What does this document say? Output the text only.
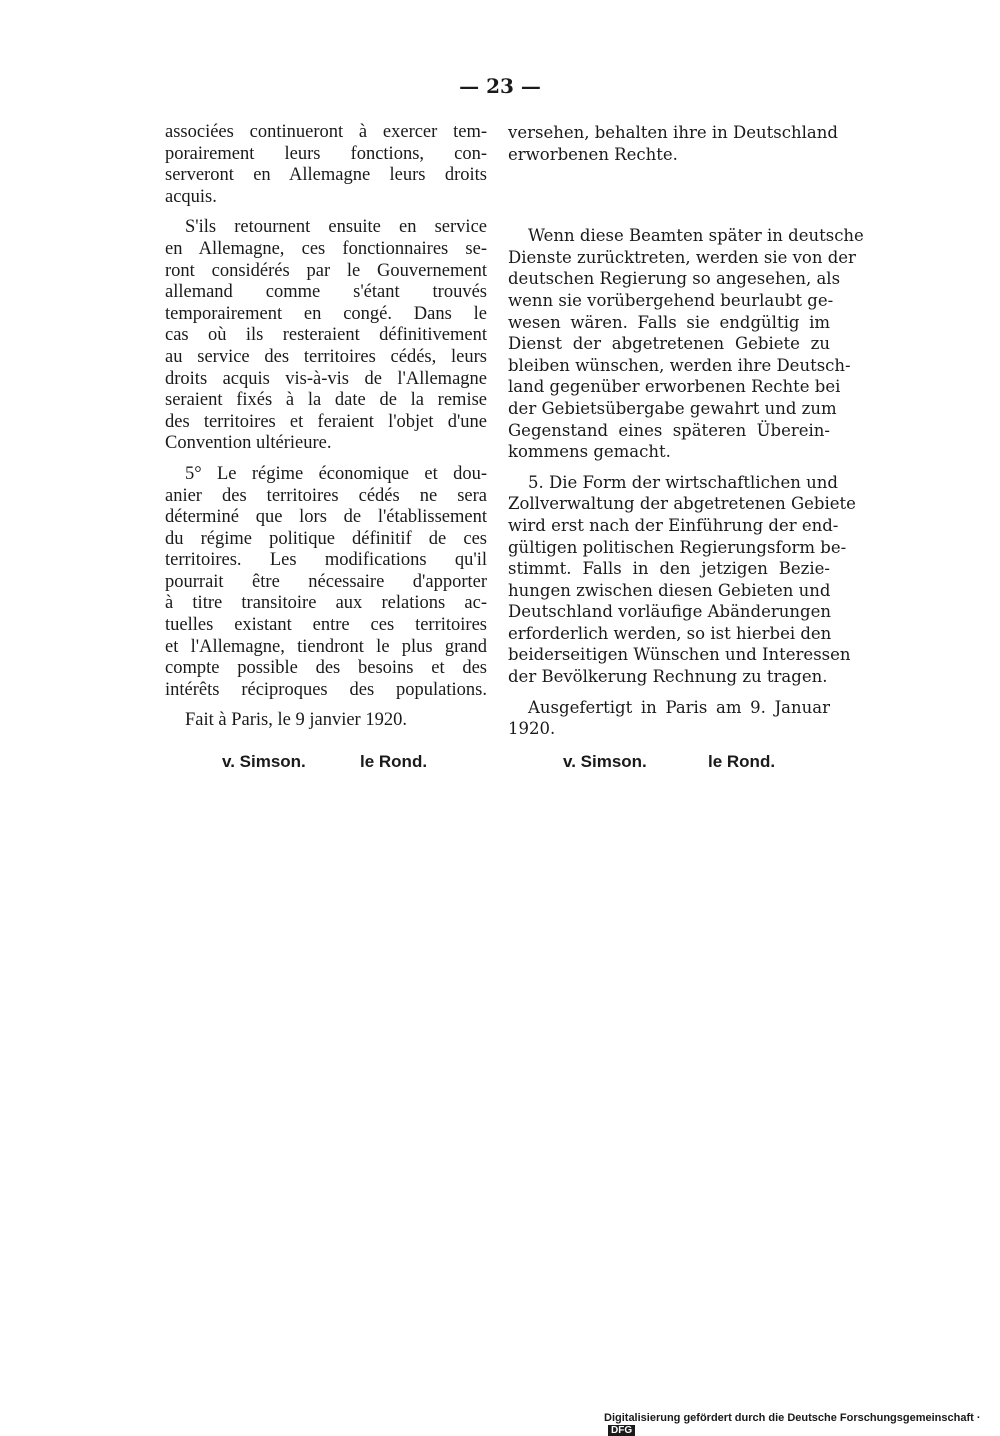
— 23 —
associées continueront à exercer tem-
porairement leurs fonctions, con-
serveront en Allemagne leurs droits
acquis.
S'ils retournent ensuite en service
en Allemagne, ces fonctionnaires se-
ront considérés par le Gouvernement
allemand comme s'étant trouvés
temporairement en congé. Dans le
cas où ils resteraient définitivement
au service des territoires cédés, leurs
droits acquis vis-à-vis de l'Allemagne
seraient fixés à la date de la remise
des territoires et feraient l'objet d'une
Convention ultérieure.
5° Le régime économique et dou-
anier des territoires cédés ne sera
déterminé que lors de l'établissement
du régime politique définitif de ces
territoires. Les modifications qu'il
pourrait être nécessaire d'apporter
à titre transitoire aux relations ac-
tuelles existant entre ces territoires
et l'Allemagne, tiendront le plus grand
compte possible des besoins et des
intérêts réciproques des populations.
Fait à Paris, le 9 janvier 1920.
versehen, behalten ihre in Deutschland
erworbenen Rechte.
Wenn diese Beamten später in deutsche
Dienste zurücktreten, werden sie von der
deutschen Regierung so angesehen, als
wenn sie vorübergehend beurlaubt ge-
wesen wären. Falls sie endgültig im
Dienst der abgetretenen Gebiete zu
bleiben wünschen, werden ihre Deutsch-
land gegenüber erworbenen Rechte bei
der Gebietsübergabe gewahrt und zum
Gegenstand eines späteren Überein-
kommens gemacht.
5. Die Form der wirtschaftlichen und
Zollverwaltung der abgetretenen Gebiete
wird erst nach der Einführung der end-
gültigen politischen Regierungsform be-
stimmt. Falls in den jetzigen Bezie-
hungen zwischen diesen Gebieten und
Deutschland vorläufige Abänderungen
erforderlich werden, so ist hierbei den
beiderseitigen Wünschen und Interessen
der Bevölkerung Rechnung zu tragen.
Ausgefertigt in Paris am 9. Januar
1920.
v. Simson.	le Rond.	v. Simson.	le Rond.
Digitalisierung gefördert durch die Deutsche Forschungsgemeinschaft · DFG
